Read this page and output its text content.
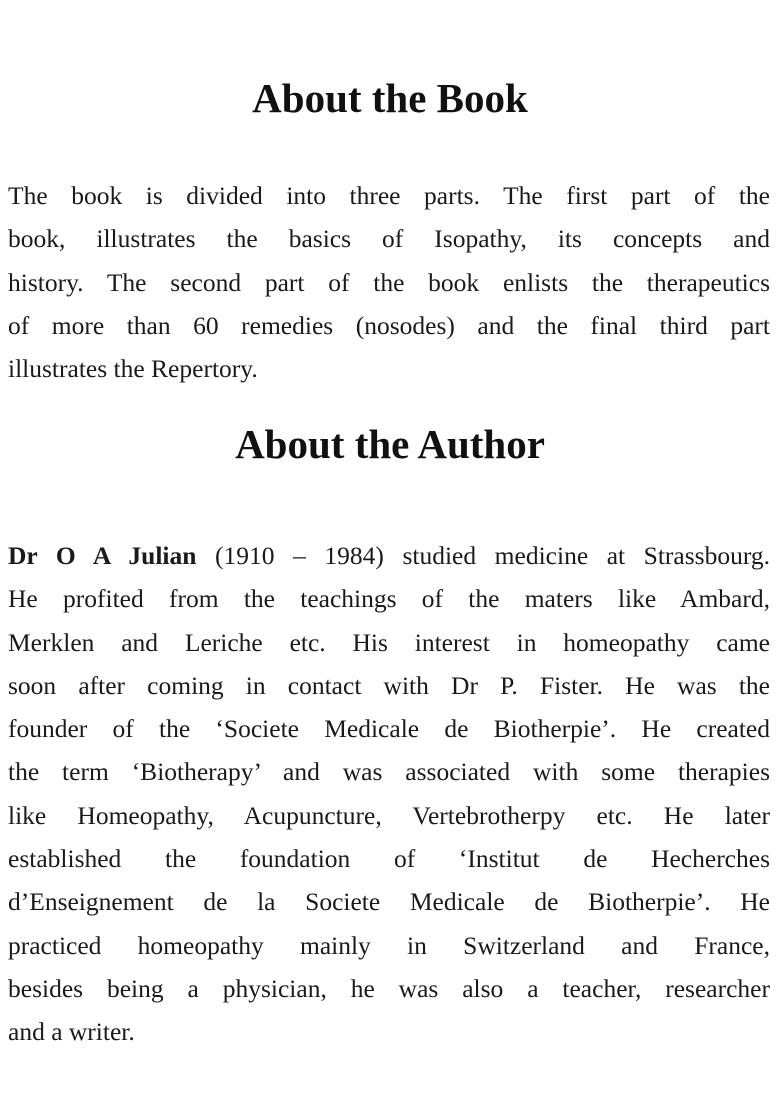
About the Book
The book is divided into three parts. The first part of the
book, illustrates the basics of Isopathy, its concepts and
history. The second part of the book enlists the therapeutics
of more than 60 remedies (nosodes) and the final third part
illustrates the Repertory.
About the Author
Dr O A Julian (1910 – 1984) studied medicine at Strassbourg.
He profited from the teachings of the maters like Ambard,
Merklen and Leriche etc. His interest in homeopathy came
soon after coming in contact with Dr P. Fister. He was the
founder of the ‘Societe Medicale de Biotherpie’. He created
the term ‘Biotherapy’ and was associated with some therapies
like Homeopathy, Acupuncture, Vertebrotherpy etc. He later
established the foundation of ‘Institut de Hecherches
d’Enseignement de la Societe Medicale de Biotherpie’. He
practiced homeopathy mainly in Switzerland and France,
besides being a physician, he was also a teacher, researcher
and a writer.
